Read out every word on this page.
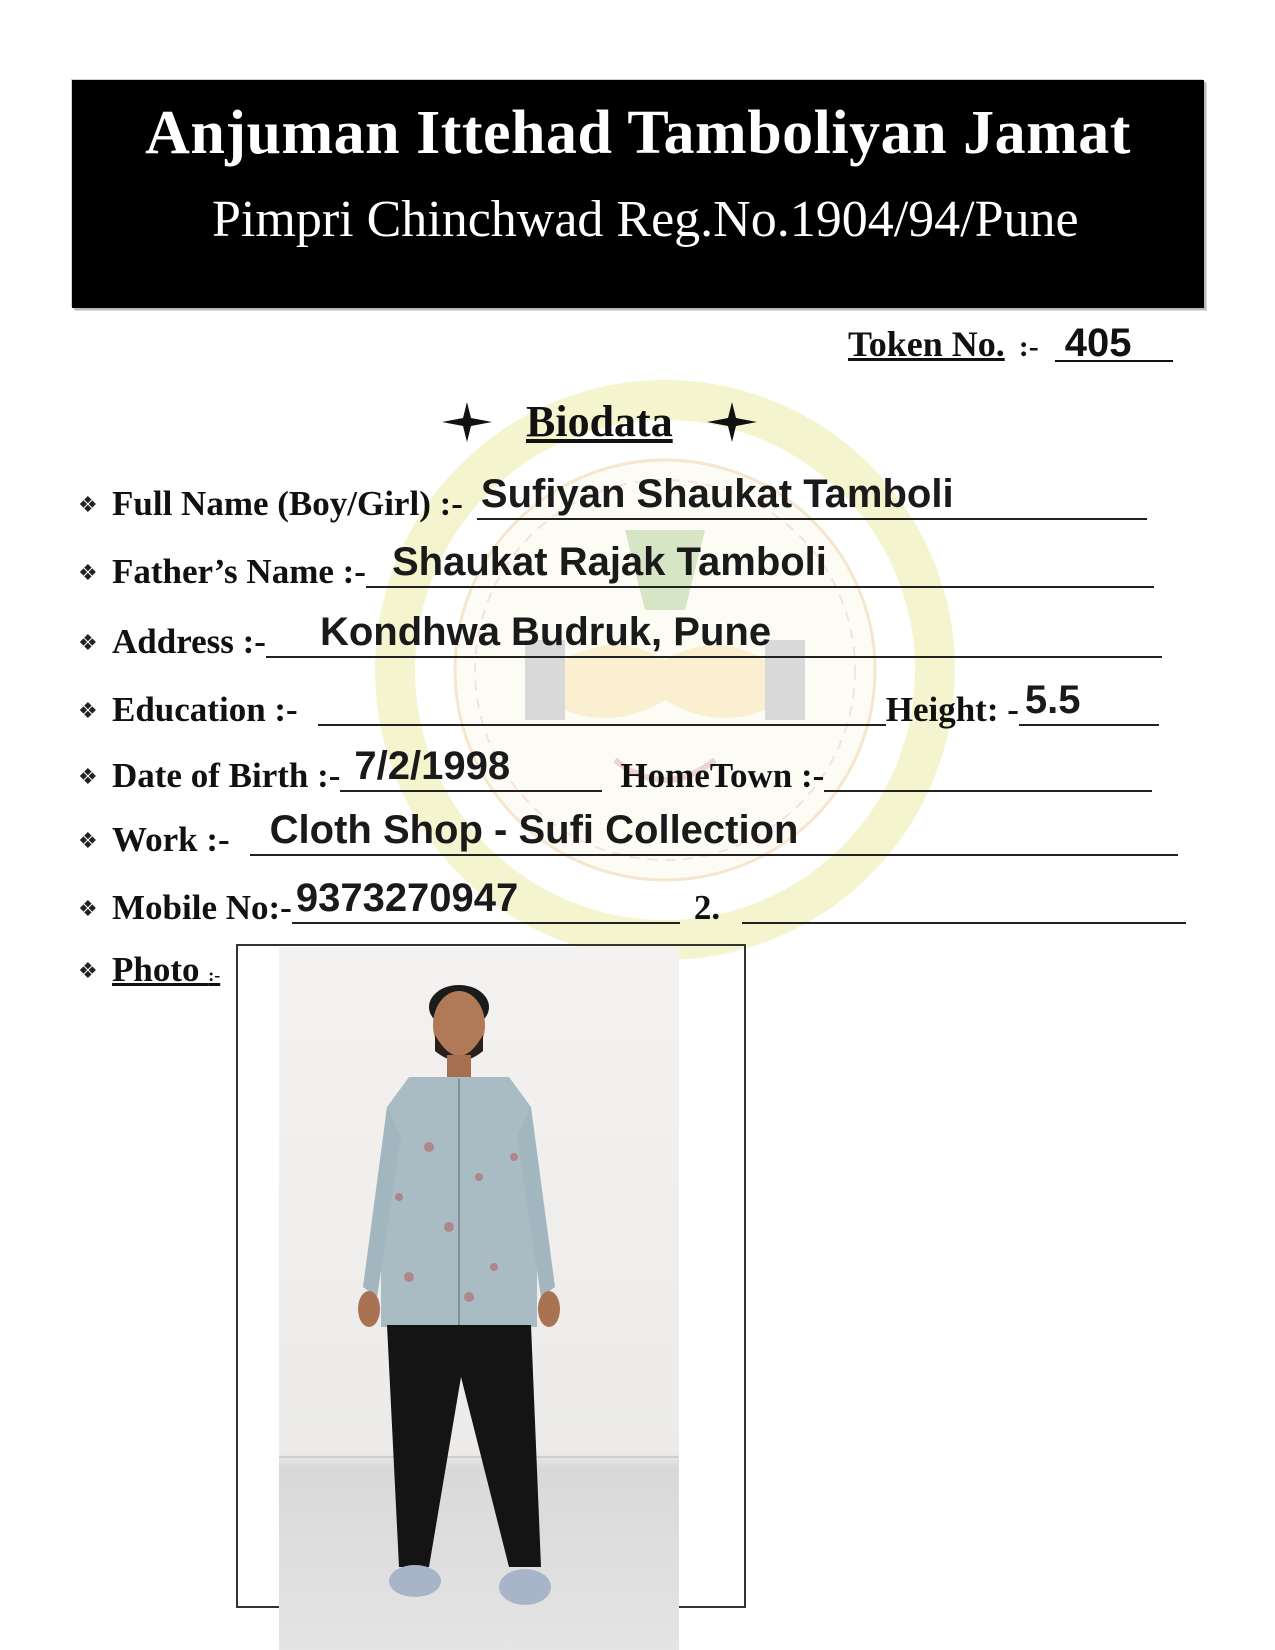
Anjuman Ittehad Tamboliyan Jamat
Pimpri Chinchwad Reg.No.1904/94/Pune
Token No. :- 405
Biodata
❖ Full Name (Boy/Girl) :- Sufiyan Shaukat Tamboli
❖ Father’s Name :- Shaukat Rajak Tamboli
❖ Address :- Kondhwa Budruk, Pune
❖ Education :-	Height: - 5.5
❖ Date of Birth :- 7/2/1998	HomeTown :-
❖ Work :- Cloth Shop - Sufi Collection
❖ Mobile No:- 9373270947	2.
❖ Photo :-
